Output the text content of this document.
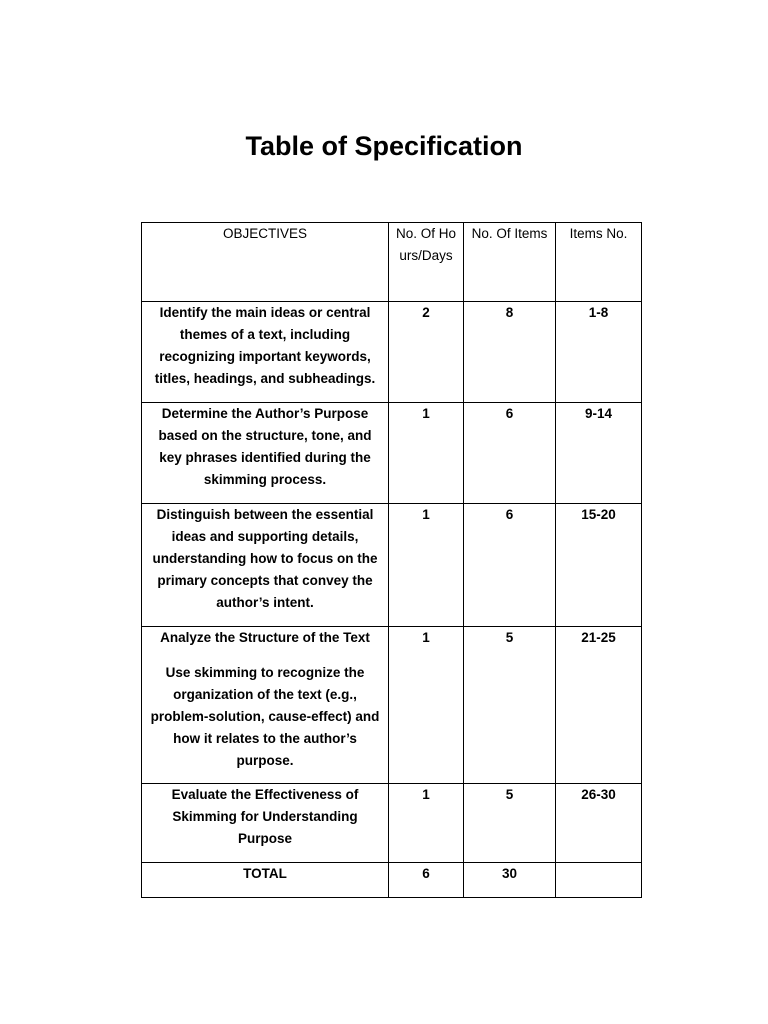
Table of Specification
OBJECTIVES	No. Of Hours/Days	No. Of Items	Items No.
Identify the main ideas or central themes of a text, including recognizing important keywords, titles, headings, and subheadings.	2	8	1-8
Determine the Author’s Purpose based on the structure, tone, and key phrases identified during the skimming process.	1	6	9-14
Distinguish between the essential ideas and supporting details, understanding how to focus on the primary concepts that convey the author’s intent.	1	6	15-20

Analyze the Structure of the Text

Use skimming to recognize the organization of the text (e.g., problem-solution, cause-effect) and how it relates to the author’s purpose.	1	5	21-25
Evaluate the Effectiveness of Skimming for Understanding Purpose	1	5	26-30
TOTAL	6	30	
